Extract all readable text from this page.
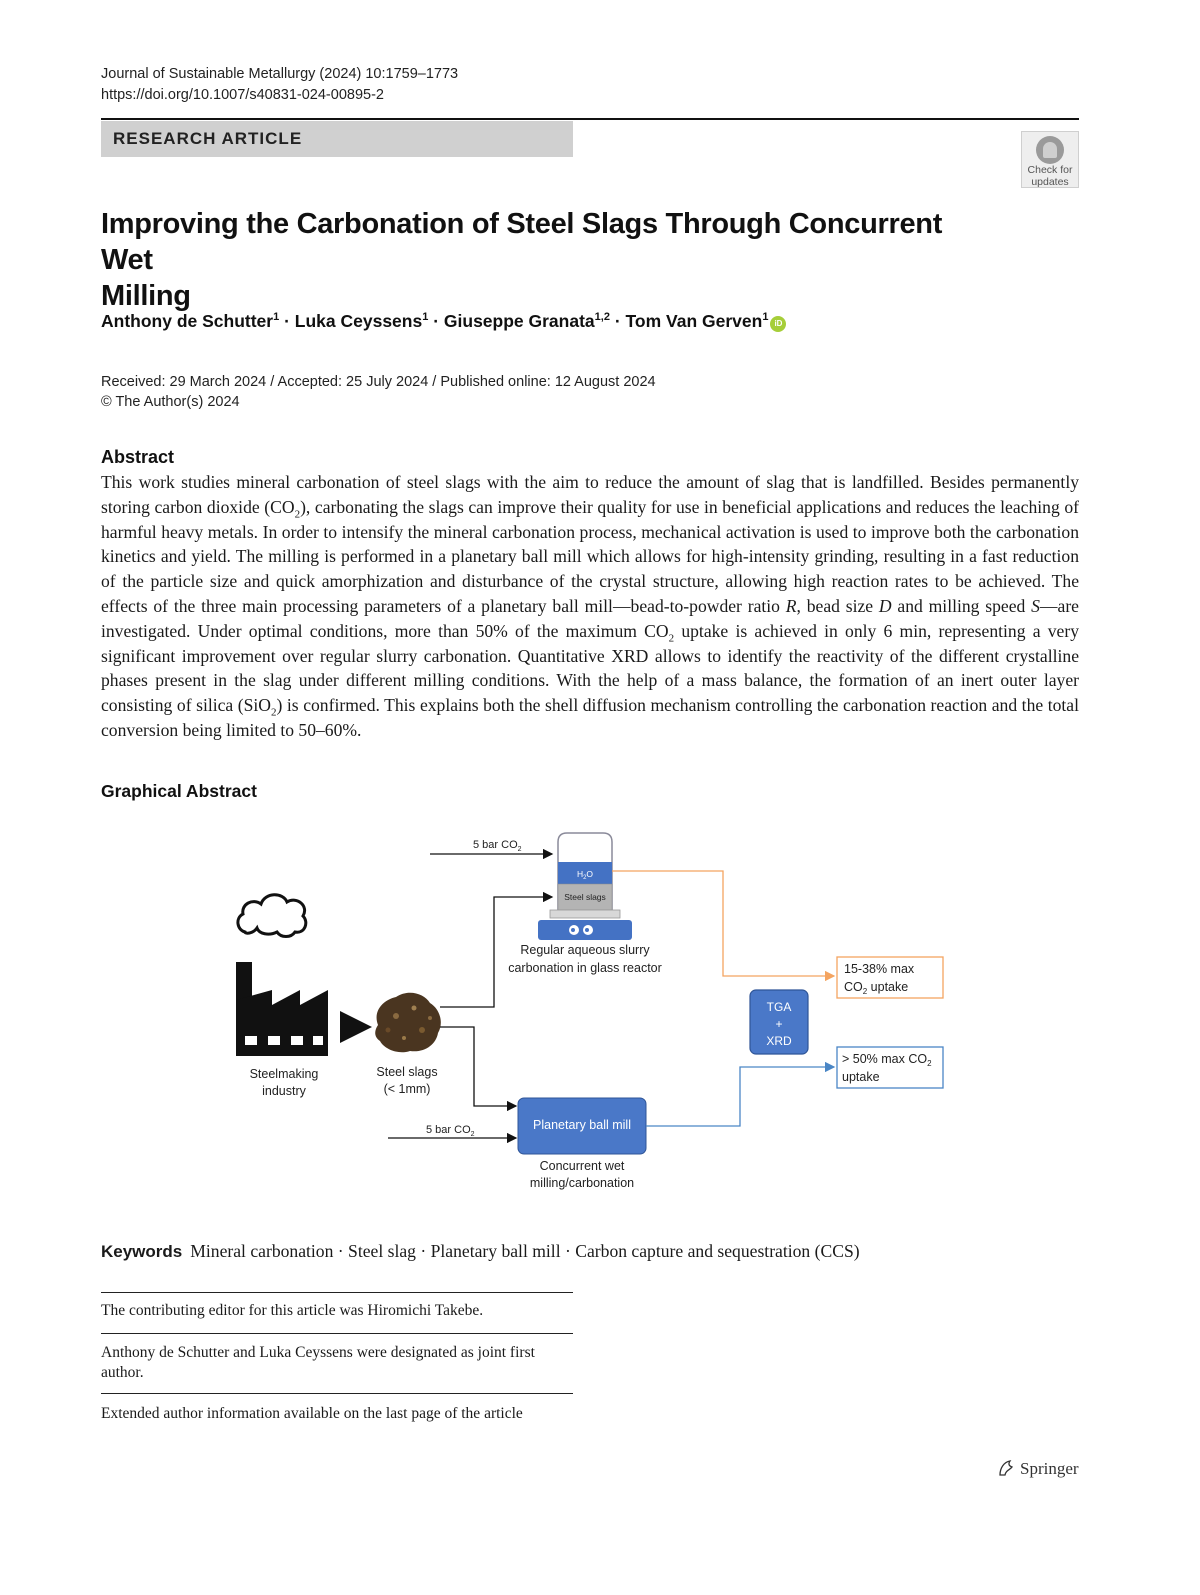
Journal of Sustainable Metallurgy (2024) 10:1759–1773
https://doi.org/10.1007/s40831-024-00895-2
RESEARCH ARTICLE
Check for
updates
Improving the Carbonation of Steel Slags Through Concurrent Wet
Milling
Anthony de Schutter$^1$ · Luka Ceyssens$^1$ · Giuseppe Granata$^{1,2}$ · Tom Van Gerven$^1$iD
Received: 29 March 2024 / Accepted: 25 July 2024 / Published online: 12 August 2024
© The Author(s) 2024
Abstract
This work studies mineral carbonation of steel slags with the aim to reduce the amount of slag that is landfilled. Besides permanently storing carbon dioxide $(CO_2)$, carbonating the slags can improve their quality for use in beneficial applications and reduces the leaching of harmful heavy metals. In order to intensify the mineral carbonation process, mechanical activation is used to improve both the carbonation kinetics and yield. The milling is performed in a planetary ball mill which allows for high-intensity grinding, resulting in a fast reduction of the particle size and quick amorphization and disturbance of the crystal structure, allowing high reaction rates to be achieved. The effects of the three main processing parameters of a planetary ball mill—bead-to-powder ratio R, bead size D and milling speed S—are investigated. Under optimal conditions, more than 50% of the maximum $CO_2$ uptake is achieved in only 6 min, representing a very significant improvement over regular slurry carbonation. Quantitative XRD allows to identify the reactivity of the different crystalline phases present in the slag under different milling conditions. With the help of a mass balance, the formation of an inert outer layer consisting of silica (SiO$_2$) is confirmed. This explains both the shell diffusion mechanism controlling the carbonation reaction and the total conversion being limited to 50–60%.
Graphical Abstract
Steelmaking
industry
Steel slags
(< 1mm)
5 bar $CO_2$
$H_2O$
Steel slags
Regular aqueous slurry
carbonation in glass reactor	15-38% max
$CO_2$ uptake
TGA
+
XRD
> 50% $\max CO_2$
uptake
Planetary ball mill
5 bar $CO_2$
Concurrent wet
milling/carbonation
Keywords Mineral carbonation · Steel slag · Planetary ball mill · Carbon capture and sequestration (CCS)
The contributing editor for this article was Hiromichi Takebe.
Anthony de Schutter and Luka Ceyssens were designated as joint first author.
Extended author information available on the last page of the article
Springer
